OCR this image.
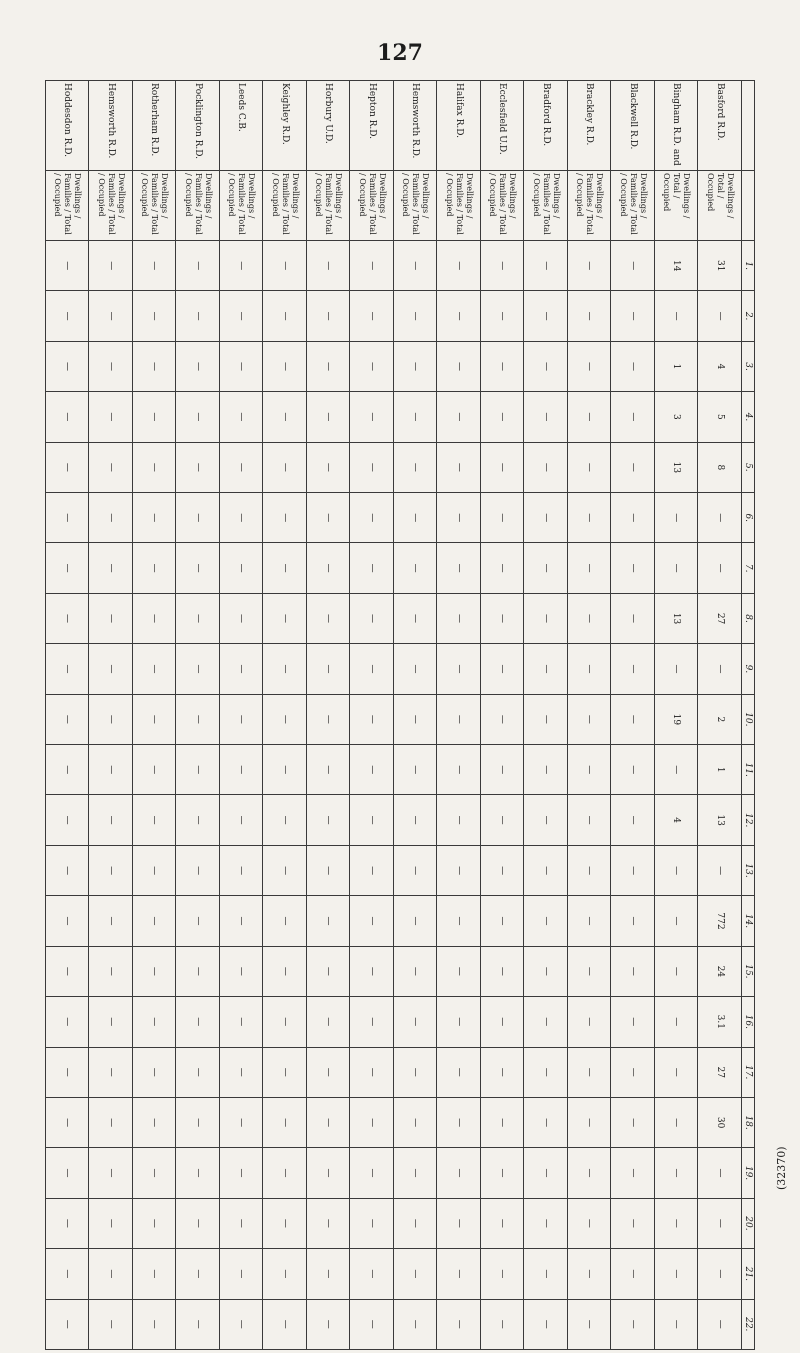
127
(32370)
		1.	2.	3.	4.	5.	6.	7.	8.	9.	10.	11.	12.	13.	14.	15.	16.	17.	18.	19.	20.	21.	22.
Basford R.D.	Dwellings / Total / Occupied	31	—	4	5	8	—	—	27	—	2	1	13	—	772	24	3.1	27	30	—	—	—	—
Bingham R.D. and	Dwellings / Total / Occupied	14	—	1	3	13	—	—	13	—	19	—	4	—	—	—	—	—	—	—	—	—	—
Blackwell R.D.	Dwellings / Families / Total / Occupied	—	—	—	—	—	—	—	—	—	—	—	—	—	—	—	—	—	—	—	—	—	—
Brackley R.D.	Dwellings / Families / Total / Occupied	—	—	—	—	—	—	—	—	—	—	—	—	—	—	—	—	—	—	—	—	—	—
Bradford R.D.	Dwellings / Families / Total / Occupied	—	—	—	—	—	—	—	—	—	—	—	—	—	—	—	—	—	—	—	—	—	—
Ecclesfield U.D.	Dwellings / Families / Total / Occupied	—	—	—	—	—	—	—	—	—	—	—	—	—	—	—	—	—	—	—	—	—	—
Halifax R.D.	Dwellings / Families / Total / Occupied	—	—	—	—	—	—	—	—	—	—	—	—	—	—	—	—	—	—	—	—	—	—
Hemsworth R.D.	Dwellings / Families / Total / Occupied	—	—	—	—	—	—	—	—	—	—	—	—	—	—	—	—	—	—	—	—	—	—
Hepton R.D.	Dwellings / Families / Total / Occupied	—	—	—	—	—	—	—	—	—	—	—	—	—	—	—	—	—	—	—	—	—	—
Horbury U.D.	Dwellings / Families / Total / Occupied	—	—	—	—	—	—	—	—	—	—	—	—	—	—	—	—	—	—	—	—	—	—
Keighley R.D.	Dwellings / Families / Total / Occupied	—	—	—	—	—	—	—	—	—	—	—	—	—	—	—	—	—	—	—	—	—	—
Leeds C.B.	Dwellings / Families / Total / Occupied	—	—	—	—	—	—	—	—	—	—	—	—	—	—	—	—	—	—	—	—	—	—
Pocklington R.D.	Dwellings / Families / Total / Occupied	—	—	—	—	—	—	—	—	—	—	—	—	—	—	—	—	—	—	—	—	—	—
Rotherham R.D.	Dwellings / Families / Total / Occupied	—	—	—	—	—	—	—	—	—	—	—	—	—	—	—	—	—	—	—	—	—	—
Hemsworth R.D.	Dwellings / Families / Total / Occupied	—	—	—	—	—	—	—	—	—	—	—	—	—	—	—	—	—	—	—	—	—	—
Hoddesdon R.D.	Dwellings / Families / Total / Occupied	—	—	—	—	—	—	—	—	—	—	—	—	—	—	—	—	—	—	—	—	—	—
